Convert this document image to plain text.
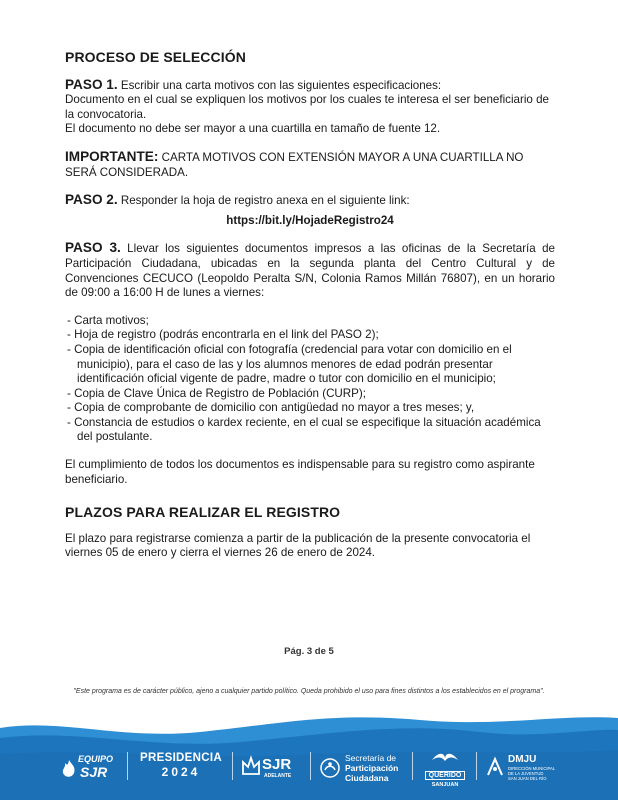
PROCESO DE SELECCIÓN
PASO 1. Escribir una carta motivos con las siguientes especificaciones:
Documento en el cual se expliquen los motivos por los cuales te interesa el ser beneficiario de la convocatoria.
El documento no debe ser mayor a una cuartilla en tamaño de fuente 12.
IMPORTANTE: CARTA MOTIVOS CON EXTENSIÓN MAYOR A UNA CUARTILLA NO SERÁ CONSIDERADA.
PASO 2. Responder la hoja de registro anexa en el siguiente link:
https://bit.ly/HojadeRegistro24
PASO 3. Llevar los siguientes documentos impresos a las oficinas de la Secretaría de Participación Ciudadana, ubicadas en la segunda planta del Centro Cultural y de Convenciones CECUCO (Leopoldo Peralta S/N, Colonia Ramos Millán 76807), en un horario de 09:00 a 16:00 H de lunes a viernes:
- Carta motivos;
- Hoja de registro (podrás encontrarla en el link del PASO 2);
- Copia de identificación oficial con fotografía (credencial para votar con domicilio en el municipio), para el caso de las y los alumnos menores de edad podrán presentar identificación oficial vigente de padre, madre o tutor con domicilio en el municipio;
- Copia de Clave Única de Registro de Población (CURP);
- Copia de comprobante de domicilio con antigüedad no mayor a tres meses; y,
- Constancia de estudios o kardex reciente, en el cual se especifique la situación académica del postulante.
El cumplimiento de todos los documentos es indispensable para su registro como aspirante beneficiario.
PLAZOS PARA REALIZAR EL REGISTRO
El plazo para registrarse comienza a partir de la publicación de la presente convocatoria el viernes 05 de enero y cierra el viernes 26 de enero de 2024.
Pág. 3 de 5
"Este programa es de carácter público, ajeno a cualquier partido político. Queda prohibido el uso para fines distintos a los establecidos en el programa".
EQUIPO
SJR
PRESIDENCIA
2024	SJR
ADELANTE
Secretaría de
Participación
Ciudadana	QUERIDO
SANJUAN
DMJU
DIRECCIÓN MUNICIPAL
DE LA JUVENTUD
SAN JUAN DEL RÍO
